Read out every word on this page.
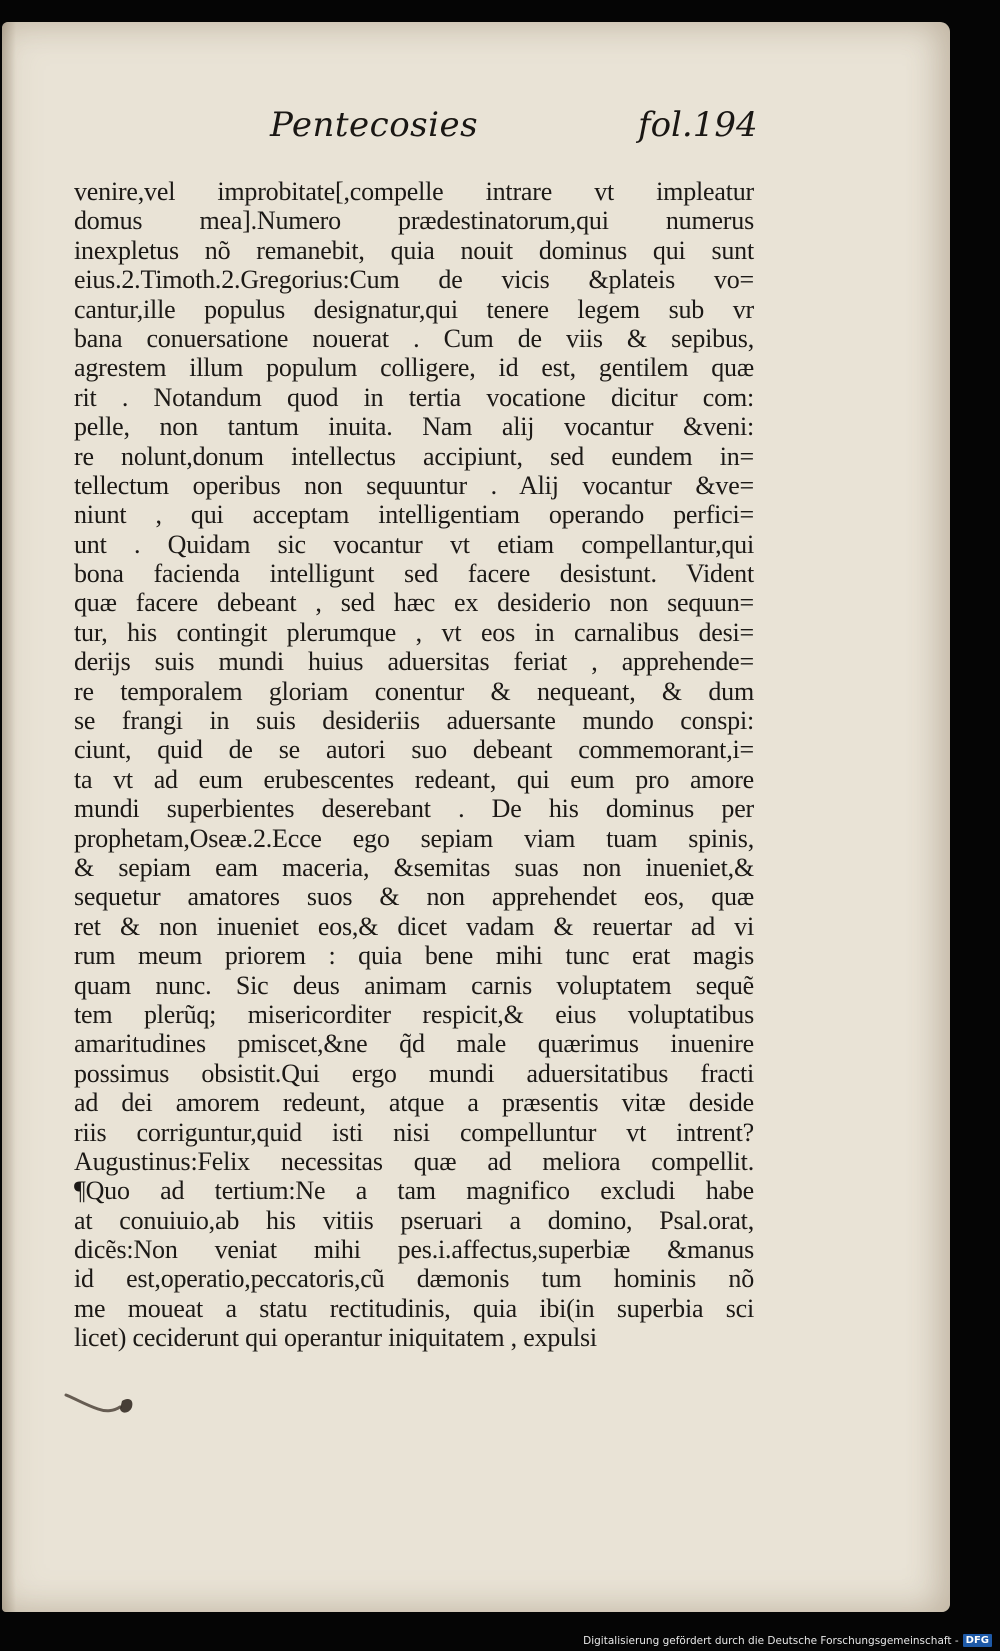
Pentecosies	fol.194
venire,vel improbitate[,compelle intrare vt impleatur
domus mea].Numero prædestinatorum,qui numerus
inexpletus nõ remanebit, quia nouit dominus qui sunt
eius.2.Timoth.2.Gregorius:Cum de vicis &plateis vo=
cantur,ille populus designatur,qui tenere legem sub vr
bana conuersatione nouerat . Cum de viis & sepibus,
agrestem illum populum colligere, id est, gentilem quæ
rit . Notandum quod in tertia vocatione dicitur com:
pelle, non tantum inuita. Nam alij vocantur &veni:
re nolunt,donum intellectus accipiunt, sed eundem in=
tellectum operibus non sequuntur . Alij vocantur &ve=
niunt , qui acceptam intelligentiam operando perfici=
unt . Quidam sic vocantur vt etiam compellantur,qui
bona facienda intelligunt sed facere desistunt. Vident
quæ facere debeant , sed hæc ex desiderio non sequun=
tur, his contingit plerumque , vt eos in carnalibus desi=
derijs suis mundi huius aduersitas feriat , apprehende=
re temporalem gloriam conentur & nequeant, & dum
se frangi in suis desideriis aduersante mundo conspi:
ciunt, quid de se autori suo debeant commemorant,i=
ta vt ad eum erubescentes redeant, qui eum pro amore
mundi superbientes deserebant . De his dominus per
prophetam,Oseæ.2.Ecce ego sepiam viam tuam spinis,
& sepiam eam maceria, &semitas suas non inueniet,&
sequetur amatores suos & non apprehendet eos, quæ
ret & non inueniet eos,& dicet vadam & reuertar ad vi
rum meum priorem : quia bene mihi tunc erat magis
quam nunc. Sic deus animam carnis voluptatem sequẽ
tem plerũq; misericorditer respicit,& eius voluptatibus
amaritudines pmiscet,&ne q̃d male quærimus inuenire
possimus obsistit.Qui ergo mundi aduersitatibus fracti
ad dei amorem redeunt, atque a præsentis vitæ deside
riis corriguntur,quid isti nisi compelluntur vt intrent?
Augustinus:Felix necessitas quæ ad meliora compellit.
¶Quo ad tertium:Ne a tam magnifico excludi habe
at conuiuio,ab his vitiis pseruari a domino, Psal.orat,
dicẽs:Non veniat mihi pes.i.affectus,superbiæ &manus
id est,operatio,peccatoris,cũ dæmonis tum hominis nõ
me moueat a statu rectitudinis, quia ibi(in superbia sci
licet) ceciderunt qui operantur iniquitatem , expulsi
Digitalisierung gefördert durch die Deutsche Forschungsgemeinschaft - DFG
